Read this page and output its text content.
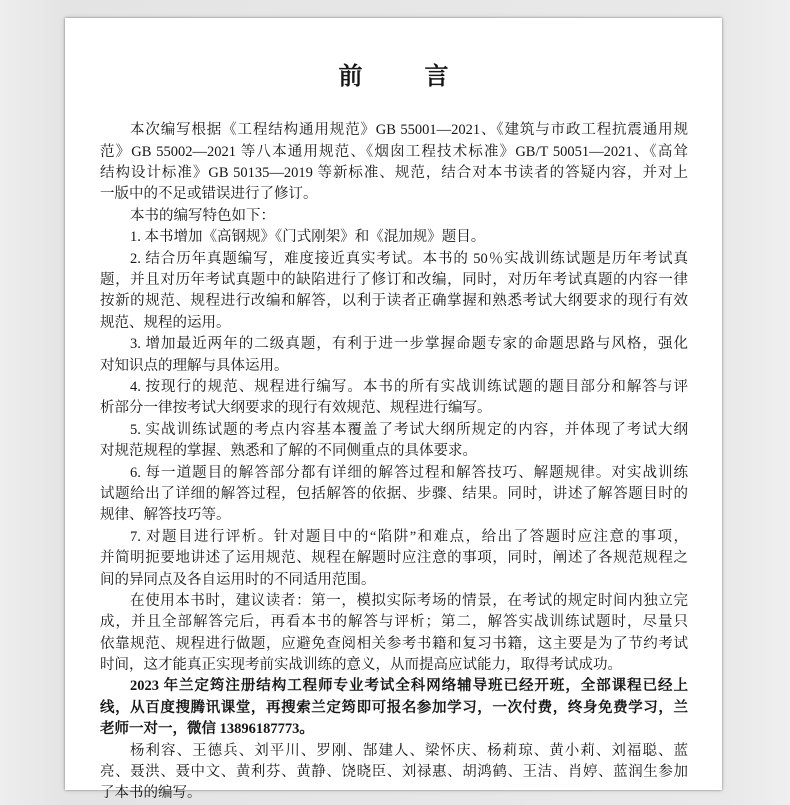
前　言
本次编写根据《工程结构通用规范》GB 55001—2021、《建筑与市政工程抗震通用规
范》GB 55002—2021 等八本通用规范、《烟囱工程技术标准》GB/T 50051—2021、《高耸
结构设计标准》GB 50135—2019 等新标准、规范，结合对本书读者的答疑内容，并对上
一版中的不足或错误进行了修订。
本书的编写特色如下：
1. 本书增加《高钢规》《门式刚架》和《混加规》题目。
2. 结合历年真题编写，难度接近真实考试。本书的 50％实战训练试题是历年考试真
题，并且对历年考试真题中的缺陷进行了修订和改编，同时，对历年考试真题的内容一律
按新的规范、规程进行改编和解答，以利于读者正确掌握和熟悉考试大纲要求的现行有效
规范、规程的运用。
3. 增加最近两年的二级真题，有利于进一步掌握命题专家的命题思路与风格，强化
对知识点的理解与具体运用。
4. 按现行的规范、规程进行编写。本书的所有实战训练试题的题目部分和解答与评
析部分一律按考试大纲要求的现行有效规范、规程进行编写。
5. 实战训练试题的考点内容基本覆盖了考试大纲所规定的内容，并体现了考试大纲
对规范规程的掌握、熟悉和了解的不同侧重点的具体要求。
6. 每一道题目的解答部分都有详细的解答过程和解答技巧、解题规律。对实战训练
试题给出了详细的解答过程，包括解答的依据、步骤、结果。同时，讲述了解答题目时的
规律、解答技巧等。
7. 对题目进行评析。针对题目中的“陷阱”和难点，给出了答题时应注意的事项，
并简明扼要地讲述了运用规范、规程在解题时应注意的事项，同时，阐述了各规范规程之
间的异同点及各自运用时的不同适用范围。
在使用本书时，建议读者：第一，模拟实际考场的情景，在考试的规定时间内独立完
成，并且全部解答完后，再看本书的解答与评析；第二，解答实战训练试题时，尽量只
依靠规范、规程进行做题，应避免查阅相关参考书籍和复习书籍，这主要是为了节约考试
时间，这才能真正实现考前实战训练的意义，从而提高应试能力，取得考试成功。
2023 年兰定筠注册结构工程师专业考试全科网络辅导班已经开班，全部课程已经上
线，从百度搜腾讯课堂，再搜索兰定筠即可报名参加学习，一次付费，终身免费学习，兰
老师一对一，微信 13896187773。
杨利容、王德兵、刘平川、罗刚、郜建人、梁怀庆、杨莉琼、黄小莉、刘福聪、蓝
亮、聂洪、聂中文、黄利芬、黄静、饶晓臣、刘禄惠、胡鸿鹤、王洁、肖婷、蓝润生参加
了本书的编写。
